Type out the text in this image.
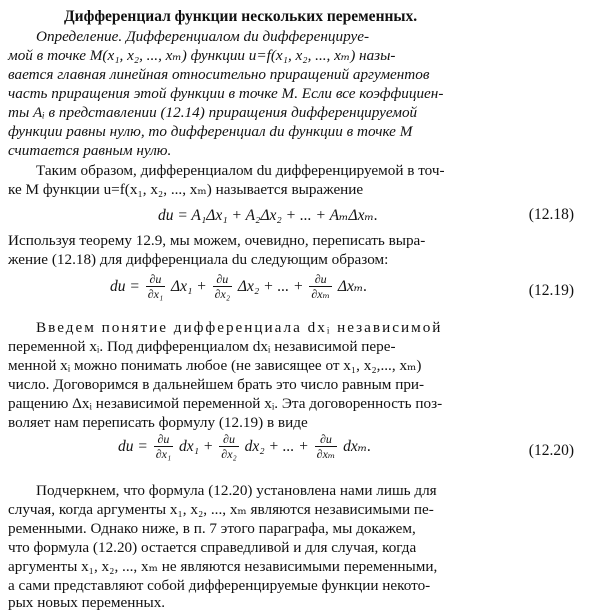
Дифференциал функции нескольких переменных.
Определение. Дифференциалом du дифференцируе-
мой в точке M(x₁, x₂, ..., xₘ) функции u=f(x₁, x₂, ..., xₘ) назы-
вается главная линейная относительно приращений аргументов
часть приращения этой функции в точке M. Если все коэффициен-
ты Aᵢ в представлении (12.14) приращения дифференцируемой
функции равны нулю, то дифференциал du функции в точке M
считается равным нулю.
Таким образом, дифференциалом du дифференцируемой в точ-
ке M функции u=f(x₁, x₂, ..., xₘ) называется выражение
du = A₁Δx₁ + A₂Δx₂ + ... + AₘΔxₘ.	(12.18)
Используя теорему 12.9, мы можем, очевидно, переписать выра-
жение (12.18) для дифференциала du следующим образом:
du = $\frac{\partial u}{\text{∂x₁}} \Delta x_1 + \frac{\partial u}{\text{∂x₂}} \Delta x_2$ + ... + $\frac{\partial u}{\text{∂xₘ}} \Delta x_m$.	(12.19)
Введем понятие дифференциала dxᵢ независимой
переменной xᵢ. Под дифференциалом dxᵢ независимой пере-
менной xᵢ можно понимать любое (не зависящее от x₁, x₂,..., xₘ)
число. Договоримся в дальнейшем брать это число равным при-
ращению Δxᵢ независимой переменной xᵢ. Эта договоренность поз-
воляет нам переписать формулу (12.19) в виде
du = $\frac{\partial u}{\text{∂x₁}} dx_1 + \frac{\partial u}{\text{∂x₂}} dx_2$ + ... + $\frac{\partial u}{\text{∂xₘ}} dx_m$.	(12.20)
Подчеркнем, что формула (12.20) установлена нами лишь для
случая, когда аргументы x₁, x₂, ..., xₘ являются независимыми пе-
ременными. Однако ниже, в п. 7 этого параграфа, мы докажем,
что формула (12.20) остается справедливой и для случая, когда
аргументы x₁, x₂, ..., xₘ не являются независимыми переменными,
а сами представляют собой дифференцируемые функции некото-
рых новых переменных.
